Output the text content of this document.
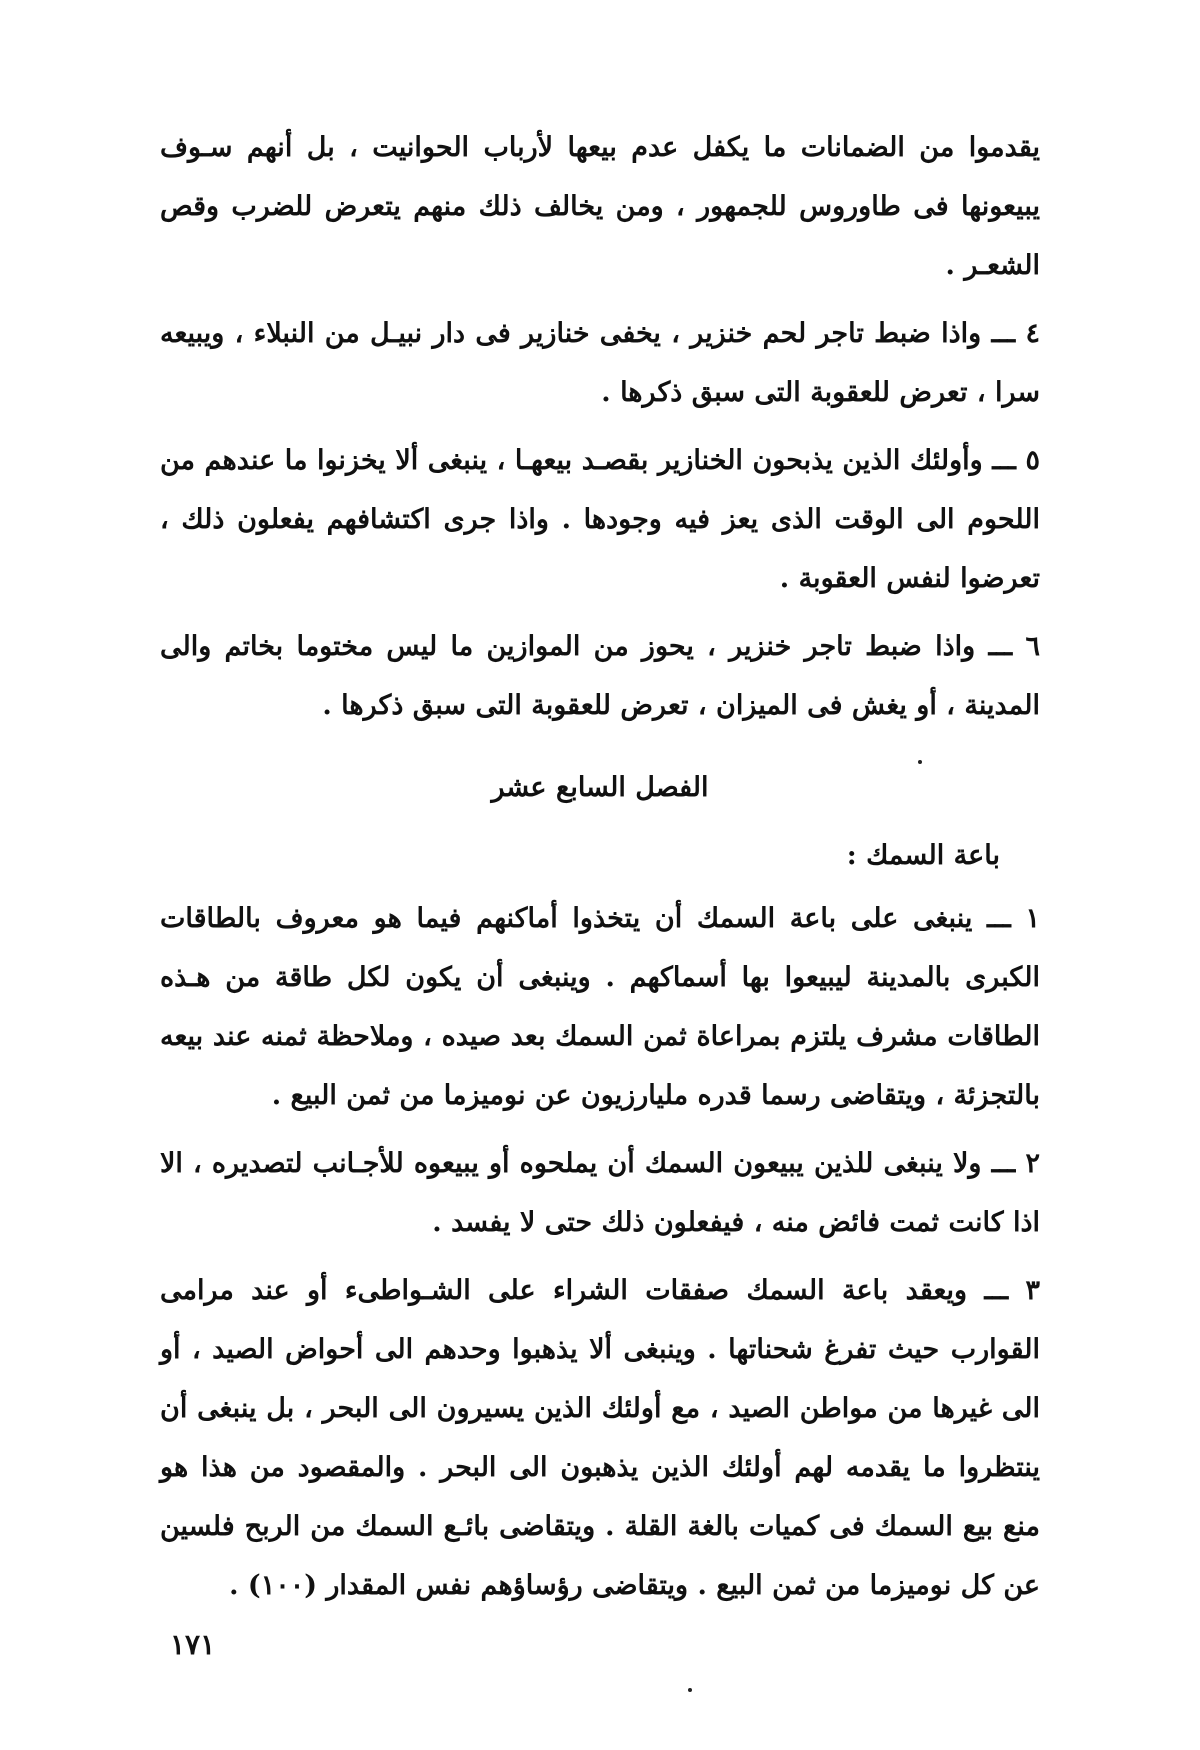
يقدموا من الضمانات ما يكفل عدم بيعها لأرباب الحوانيت ، بل أنهم سـوف يبيعونها فى طاوروس للجمهور ، ومن يخالف ذلك منهم يتعرض للضرب وقص الشعـر .

٤ ـــ واذا ضبط تاجر لحم خنزير ، يخفى خنازير فى دار نبيـل من النبلاء ، ويبيعه سرا ، تعرض للعقوبة التى سبق ذكرها .

٥ ـــ وأولئك الذين يذبحون الخنازير بقصـد بيعهـا ، ينبغى ألا يخزنوا ما عندهم من اللحوم الى الوقت الذى يعز فيه وجودها . واذا جرى اكتشافهم يفعلون ذلك ، تعرضوا لنفس العقوبة .

٦ ـــ واذا ضبط تاجر خنزير ، يحوز من الموازين ما ليس مختوما بخاتم والى المدينة ، أو يغش فى الميزان ، تعرض للعقوبة التى سبق ذكرها .

الفصل السابع عشر
باعة السمك :

١ ـــ ينبغى على باعة السمك أن يتخذوا أماكنهم فيما هو معروف بالطاقات الكبرى بالمدينة ليبيعوا بها أسماكهم . وينبغى أن يكون لكل طاقة من هـذه الطاقات مشرف يلتزم بمراعاة ثمن السمك بعد صيده ، وملاحظة ثمنه عند بيعه بالتجزئة ، ويتقاضى رسما قدره مليارزيون عن نوميزما من ثمن البيع .

٢ ـــ ولا ينبغى للذين يبيعون السمك أن يملحوه أو يبيعوه للأجـانب لتصديره ، الا اذا كانت ثمت فائض منه ، فيفعلون ذلك حتى لا يفسد .

٣ ـــ ويعقد باعة السمك صفقات الشراء على الشـواطىء أو عند مرامى القوارب حيث تفرغ شحناتها . وينبغى ألا يذهبوا وحدهم الى أحواض الصيد ، أو الى غيرها من مواطن الصيد ، مع أولئك الذين يسيرون الى البحر ، بل ينبغى أن ينتظروا ما يقدمه لهم أولئك الذين يذهبون الى البحر . والمقصود من هذا هو منع بيع السمك فى كميات بالغة القلة . ويتقاضى بائـع السمك من الربح فلسين عن كل نوميزما من ثمن البيع . ويتقاضى رؤساؤهم نفس المقدار (١٠٠) .

١٧١
